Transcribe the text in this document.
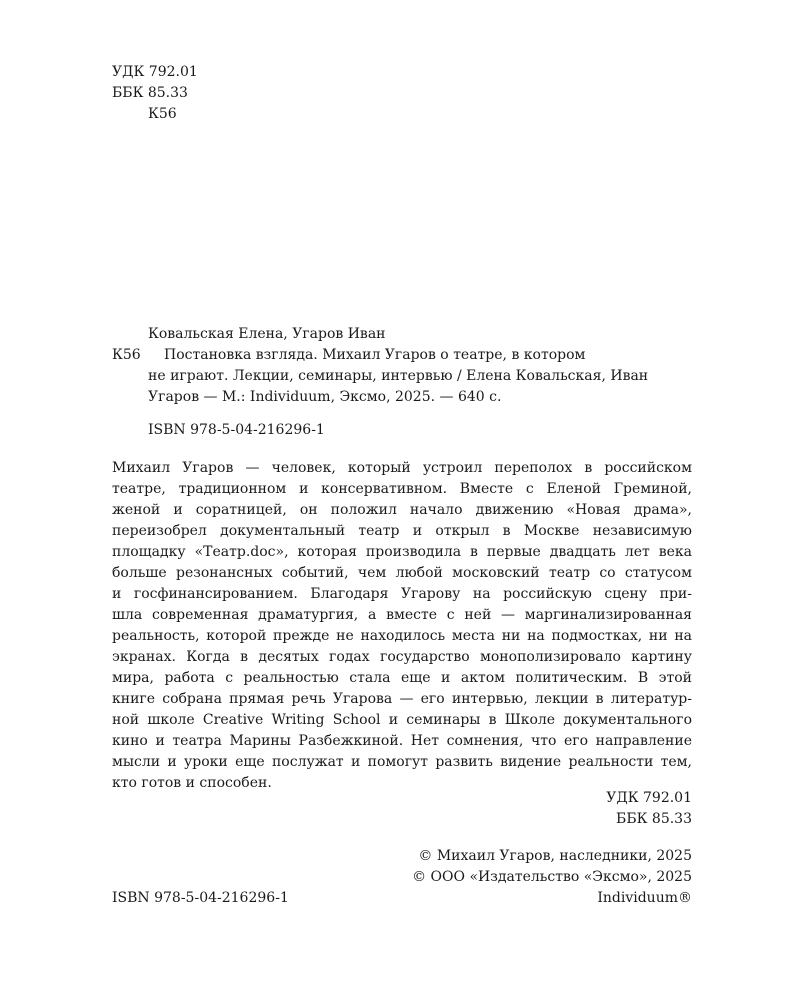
УДК 792.01
ББК 85.33
К56
Ковальская Елена, Угаров Иван
К56	Постановка взгляда. Михаил Угаров о театре, в котором
не играют. Лекции, семинары, интервью / Елена Ковальская, Иван
Угаров — М.: Individuum, Эксмо, 2025. — 640 с.
ISBN 978-5-04-216296-1
Михаил Угаров — человек, который устроил переполох в российском
театре, традиционном и консервативном. Вместе с Еленой Греминой,
женой и соратницей, он положил начало движению «Новая драма»,
переизобрел документальный театр и открыл в Москве независимую
площадку «Театр.doc», которая производила в первые двадцать лет века
больше резонансных событий, чем любой московский театр со статусом
и госфинансированием. Благодаря Угарову на российскую сцену при-
шла современная драматургия, а вместе с ней — маргинализированная
реальность, которой прежде не находилось места ни на подмостках, ни на
экранах. Когда в десятых годах государство монополизировало картину
мира, работа с реальностью стала еще и актом политическим. В этой
книге собрана прямая речь Угарова — его интервью, лекции в литератур-
ной школе Creative Writing School и семинары в Школе документального
кино и театра Марины Разбежкиной. Нет сомнения, что его направление
мысли и уроки еще послужат и помогут развить видение реальности тем,
кто готов и способен.
УДК 792.01
ББК 85.33
© Михаил Угаров, наследники, 2025
© ООО «Издательство «Эксмо», 2025
Individuum®
ISBN 978-5-04-216296-1
